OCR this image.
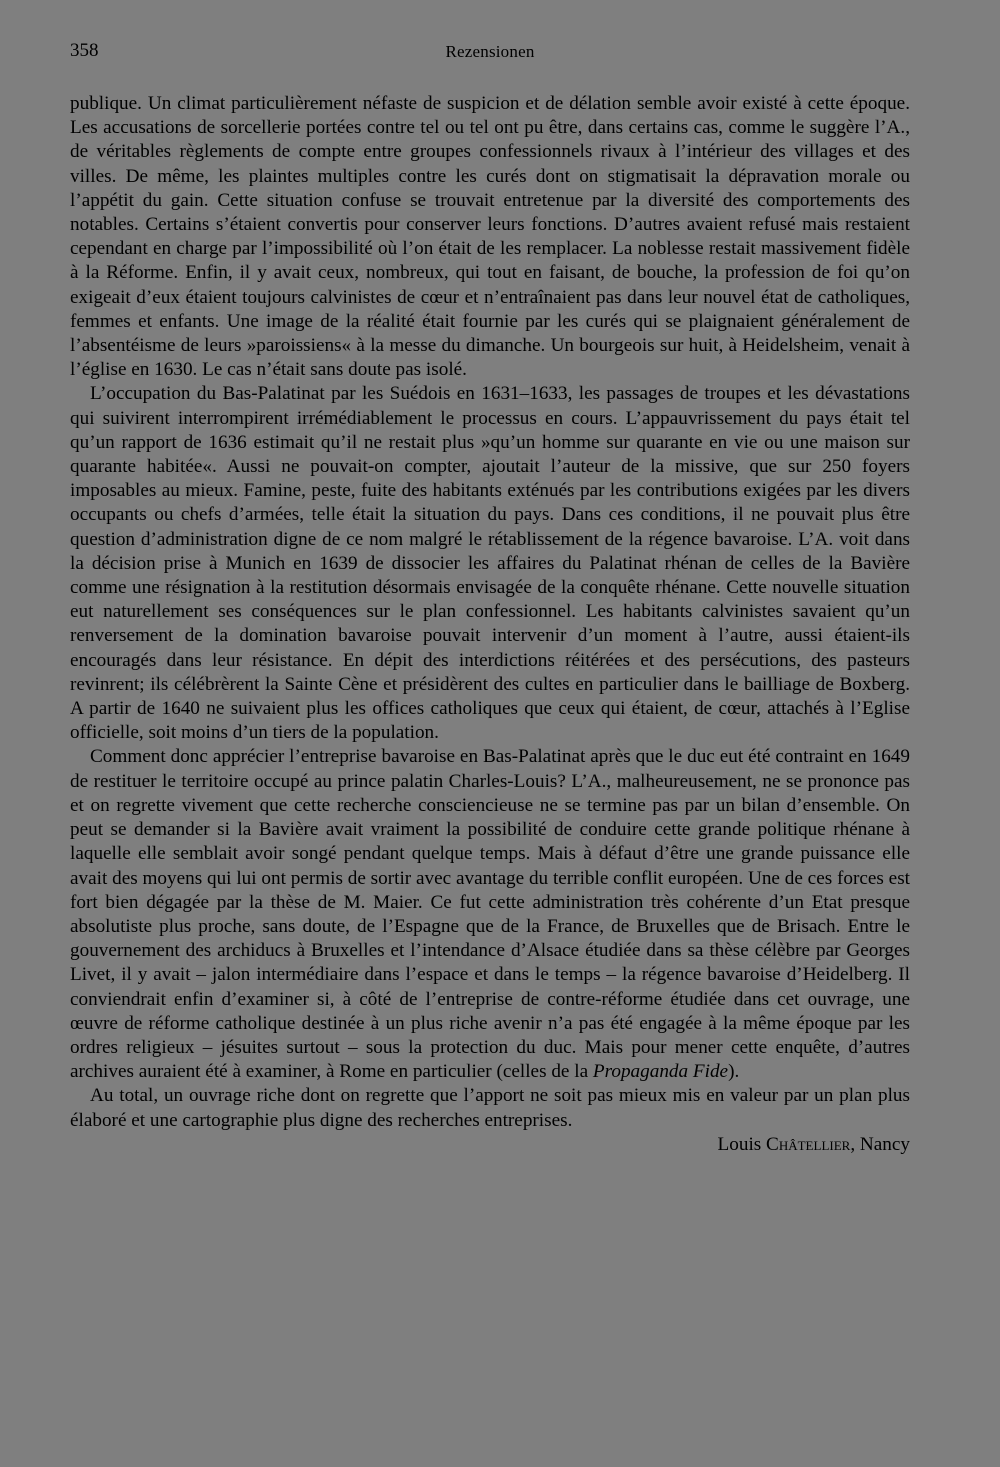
358	Rezensionen

publique. Un climat particulièrement néfaste de suspicion et de délation semble avoir existé à cette époque. Les accusations de sorcellerie portées contre tel ou tel ont pu être, dans certains cas, comme le suggère l’A., de véritables règlements de compte entre groupes confessionnels rivaux à l’intérieur des villages et des villes. De même, les plaintes multiples contre les curés dont on stigmatisait la dépravation morale ou l’appétit du gain. Cette situation confuse se trouvait entretenue par la diversité des comportements des notables. Certains s’étaient convertis pour conserver leurs fonctions. D’autres avaient refusé mais restaient cependant en charge par l’impossibilité où l’on était de les remplacer. La noblesse restait massivement fidèle à la Réforme. Enfin, il y avait ceux, nombreux, qui tout en faisant, de bouche, la profession de foi qu’on exigeait d’eux étaient toujours calvinistes de cœur et n’entraînaient pas dans leur nouvel état de catholiques, femmes et enfants. Une image de la réalité était fournie par les curés qui se plaignaient généralement de l’absentéisme de leurs »paroissiens« à la messe du dimanche. Un bourgeois sur huit, à Heidelsheim, venait à l’église en 1630. Le cas n’était sans doute pas isolé.

L’occupation du Bas-Palatinat par les Suédois en 1631–1633, les passages de troupes et les dévastations qui suivirent interrompirent irrémédiablement le processus en cours. L’appauvrissement du pays était tel qu’un rapport de 1636 estimait qu’il ne restait plus »qu’un homme sur quarante en vie ou une maison sur quarante habitée«. Aussi ne pouvait-on compter, ajoutait l’auteur de la missive, que sur 250 foyers imposables au mieux. Famine, peste, fuite des habitants exténués par les contributions exigées par les divers occupants ou chefs d’armées, telle était la situation du pays. Dans ces conditions, il ne pouvait plus être question d’administration digne de ce nom malgré le rétablissement de la régence bavaroise. L’A. voit dans la décision prise à Munich en 1639 de dissocier les affaires du Palatinat rhénan de celles de la Bavière comme une résignation à la restitution désormais envisagée de la conquête rhénane. Cette nouvelle situation eut naturellement ses conséquences sur le plan confessionnel. Les habitants calvinistes savaient qu’un renversement de la domination bavaroise pouvait intervenir d’un moment à l’autre, aussi étaient-ils encouragés dans leur résistance. En dépit des interdictions réitérées et des persécutions, des pasteurs revinrent; ils célébrèrent la Sainte Cène et présidèrent des cultes en particulier dans le bailliage de Boxberg. A partir de 1640 ne suivaient plus les offices catholiques que ceux qui étaient, de cœur, attachés à l’Eglise officielle, soit moins d’un tiers de la population.

Comment donc apprécier l’entreprise bavaroise en Bas-Palatinat après que le duc eut été contraint en 1649 de restituer le territoire occupé au prince palatin Charles-Louis? L’A., malheureusement, ne se prononce pas et on regrette vivement que cette recherche consciencieuse ne se termine pas par un bilan d’ensemble. On peut se demander si la Bavière avait vraiment la possibilité de conduire cette grande politique rhénane à laquelle elle semblait avoir songé pendant quelque temps. Mais à défaut d’être une grande puissance elle avait des moyens qui lui ont permis de sortir avec avantage du terrible conflit européen. Une de ces forces est fort bien dégagée par la thèse de M. Maier. Ce fut cette administration très cohérente d’un Etat presque absolutiste plus proche, sans doute, de l’Espagne que de la France, de Bruxelles que de Brisach. Entre le gouvernement des archiducs à Bruxelles et l’intendance d’Alsace étudiée dans sa thèse célèbre par Georges Livet, il y avait – jalon intermédiaire dans l’espace et dans le temps – la régence bavaroise d’Heidelberg. Il conviendrait enfin d’examiner si, à côté de l’entreprise de contre-réforme étudiée dans cet ouvrage, une œuvre de réforme catholique destinée à un plus riche avenir n’a pas été engagée à la même époque par les ordres religieux – jésuites surtout – sous la protection du duc. Mais pour mener cette enquête, d’autres archives auraient été à examiner, à Rome en particulier (celles de la Propaganda Fide).

Au total, un ouvrage riche dont on regrette que l’apport ne soit pas mieux mis en valeur par un plan plus élaboré et une cartographie plus digne des recherches entreprises.

Louis Châtellier, Nancy
